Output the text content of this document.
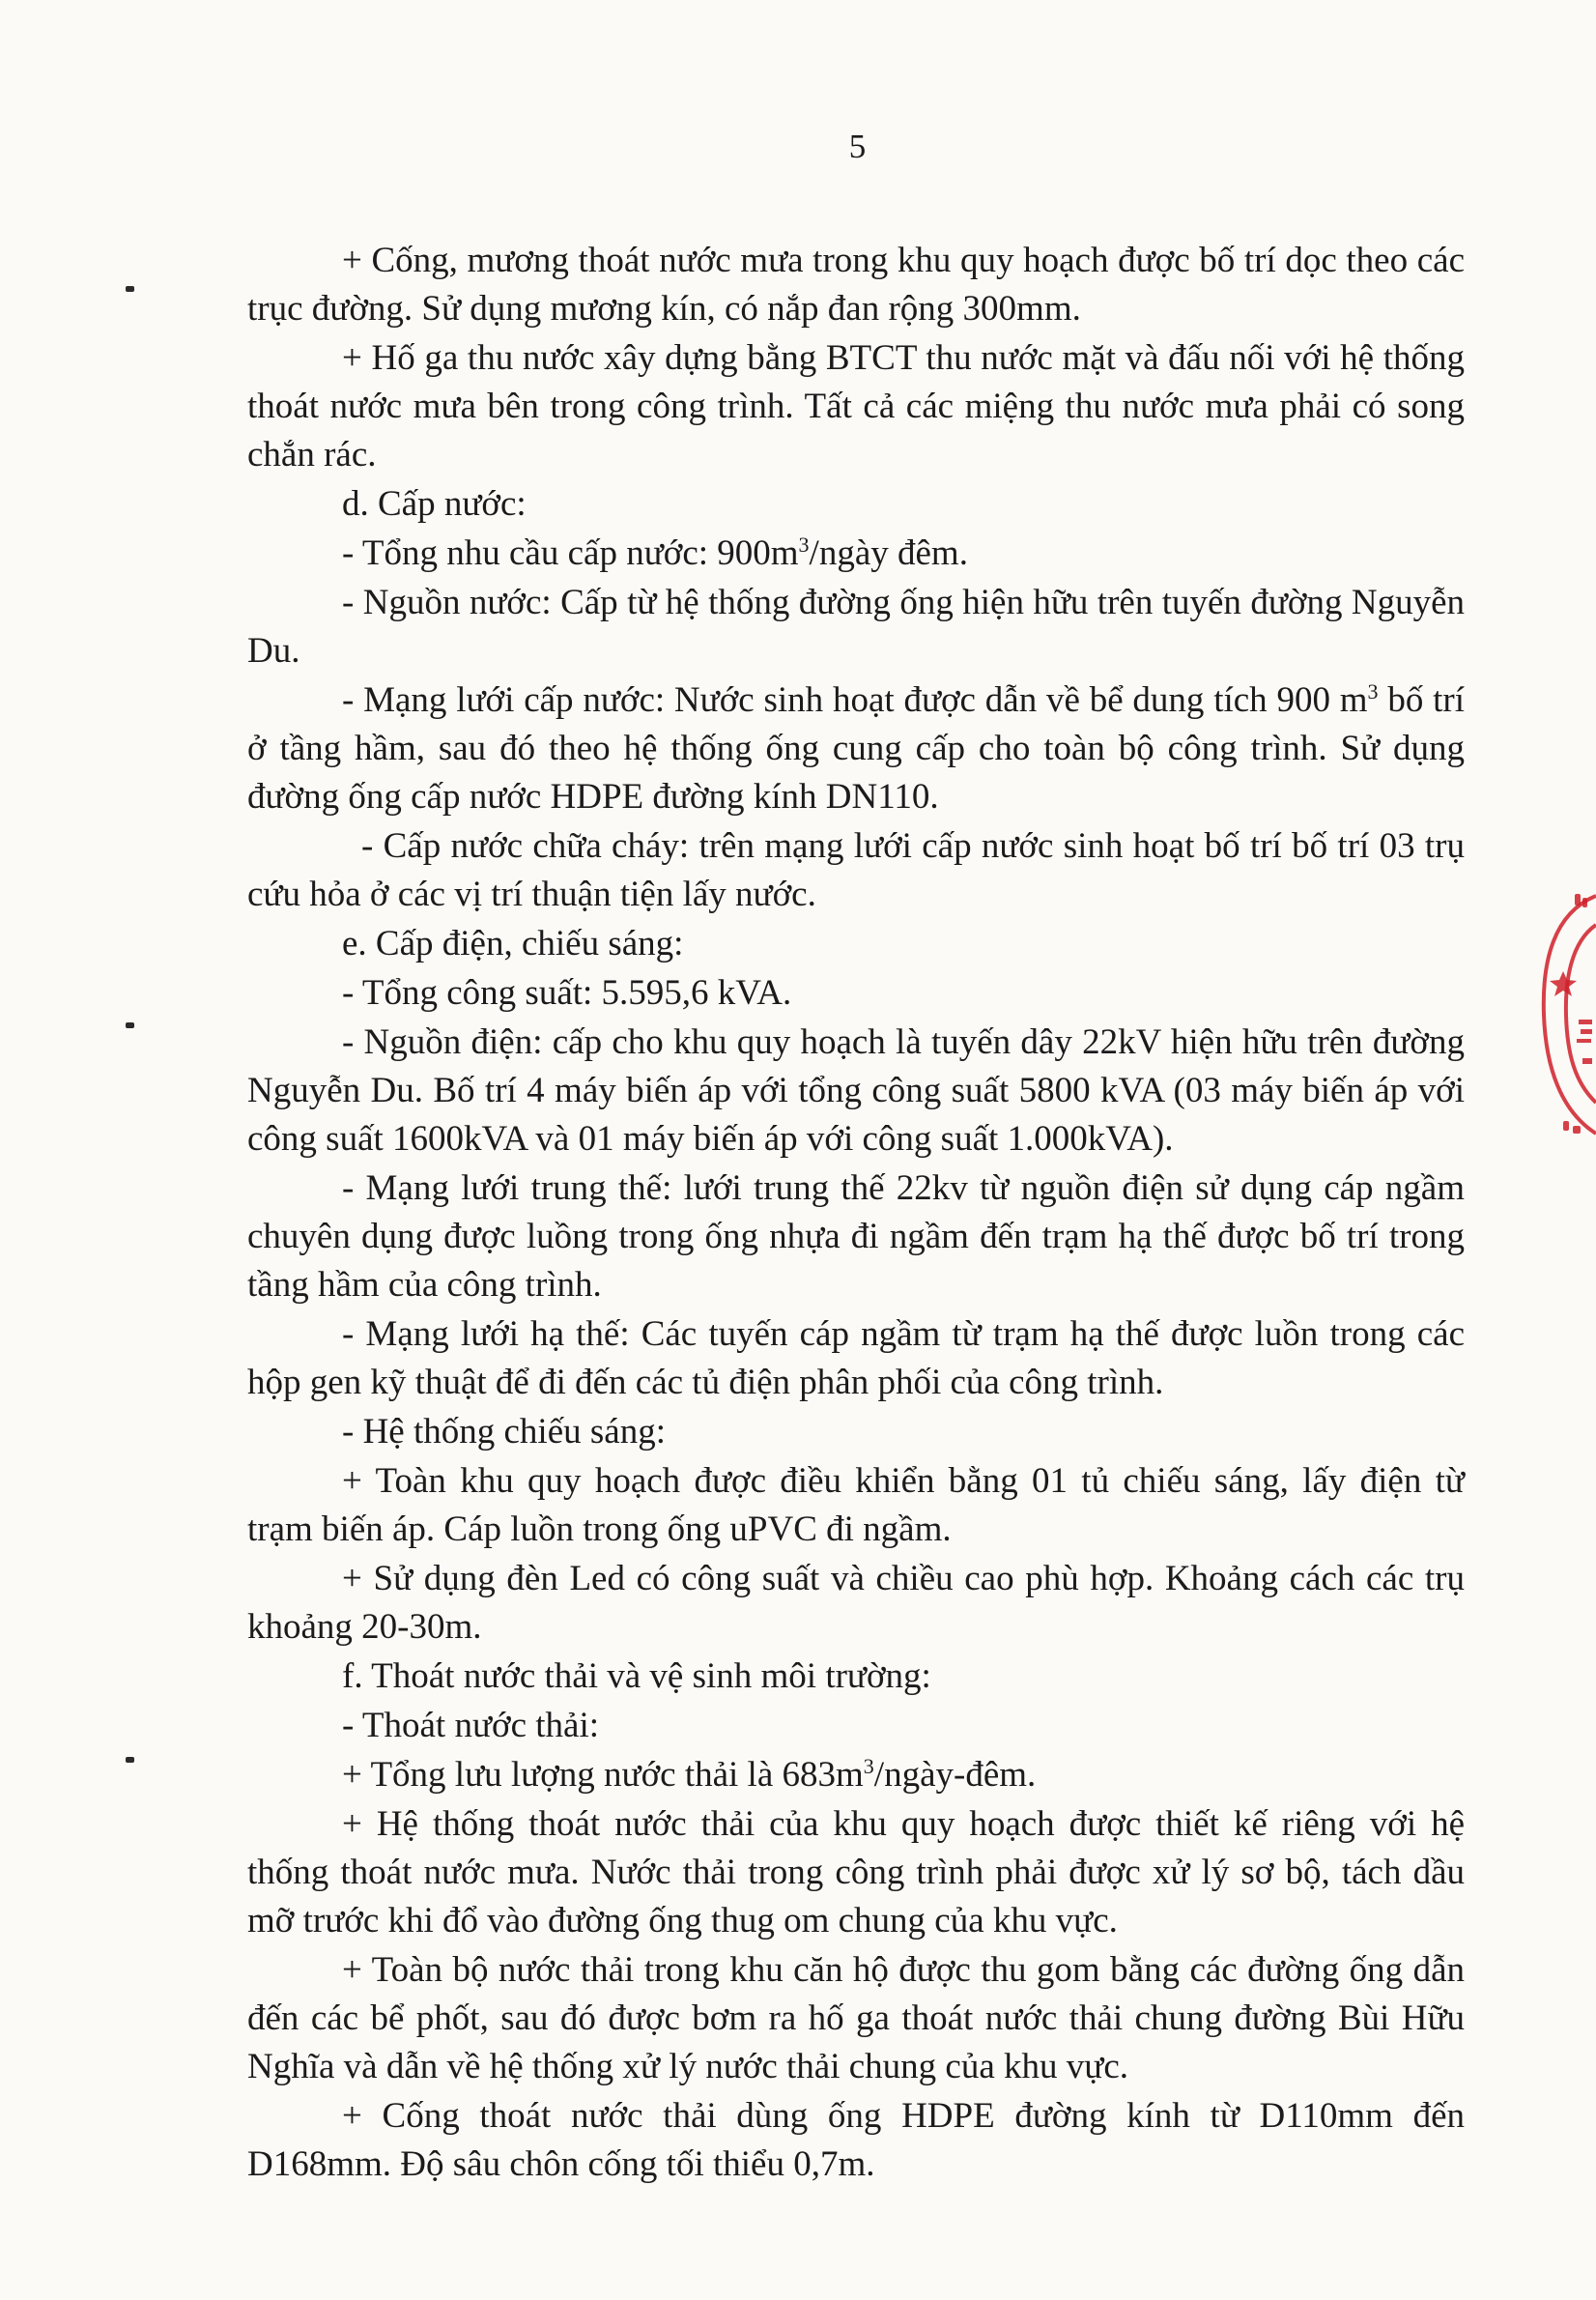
5

+ Cống, mương thoát nước mưa trong khu quy hoạch được bố trí dọc theo các trục đường. Sử dụng mương kín, có nắp đan rộng 300mm.

+ Hố ga thu nước xây dựng bằng BTCT thu nước mặt và đấu nối với hệ thống thoát nước mưa bên trong công trình. Tất cả các miệng thu nước mưa phải có song chắn rác.

d. Cấp nước:

- Tổng nhu cầu cấp nước: $900m^3$/ngày đêm.

- Nguồn nước: Cấp từ hệ thống đường ống hiện hữu trên tuyến đường Nguyễn Du.

- Mạng lưới cấp nước: Nước sinh hoạt được dẫn về bể dung tích 900 $m^3$ bố trí ở tầng hầm, sau đó theo hệ thống ống cung cấp cho toàn bộ công trình. Sử dụng đường ống cấp nước HDPE đường kính DN110.

- Cấp nước chữa cháy: trên mạng lưới cấp nước sinh hoạt bố trí bố trí 03 trụ cứu hỏa ở các vị trí thuận tiện lấy nước.

e. Cấp điện, chiếu sáng:

- Tổng công suất: 5.595,6 kVA.

- Nguồn điện: cấp cho khu quy hoạch là tuyến dây 22kV hiện hữu trên đường Nguyễn Du. Bố trí 4 máy biến áp với tổng công suất 5800 kVA (03 máy biến áp với công suất 1600kVA và 01 máy biến áp với công suất 1.000kVA).

- Mạng lưới trung thế: lưới trung thế 22kv từ nguồn điện sử dụng cáp ngầm chuyên dụng được luồng trong ống nhựa đi ngầm đến trạm hạ thế được bố trí trong tầng hầm của công trình.

- Mạng lưới hạ thế: Các tuyến cáp ngầm từ trạm hạ thế được luồn trong các hộp gen kỹ thuật để đi đến các tủ điện phân phối của công trình.

- Hệ thống chiếu sáng:

+ Toàn khu quy hoạch được điều khiển bằng 01 tủ chiếu sáng, lấy điện từ trạm biến áp. Cáp luồn trong ống uPVC đi ngầm.

+ Sử dụng đèn Led có công suất và chiều cao phù hợp. Khoảng cách các trụ khoảng 20-30m.

f. Thoát nước thải và vệ sinh môi trường:

- Thoát nước thải:

+ Tổng lưu lượng nước thải là $683m^3/ngày$-đêm.

+ Hệ thống thoát nước thải của khu quy hoạch được thiết kế riêng với hệ thống thoát nước mưa. Nước thải trong công trình phải được xử lý sơ bộ, tách dầu mỡ trước khi đổ vào đường ống thug om chung của khu vực.

+ Toàn bộ nước thải trong khu căn hộ được thu gom bằng các đường ống dẫn đến các bể phốt, sau đó được bơm ra hố ga thoát nước thải chung đường Bùi Hữu Nghĩa và dẫn về hệ thống xử lý nước thải chung của khu vực.

+ Cống thoát nước thải dùng ống HDPE đường kính từ D110mm đến D168mm. Độ sâu chôn cống tối thiểu 0,7m.
